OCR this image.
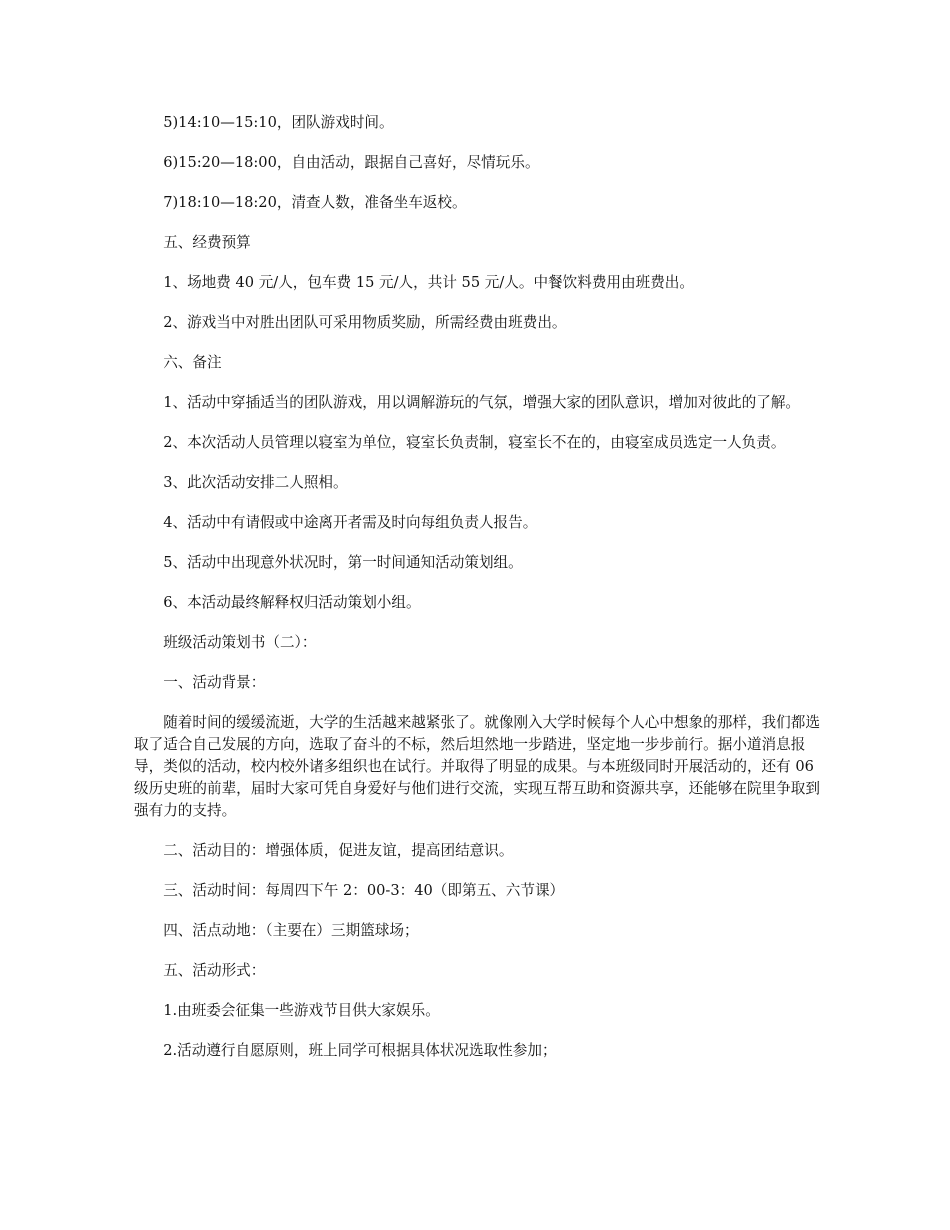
5)14:10—15:10，团队游戏时间。

6)15:20—18:00，自由活动，跟据自己喜好，尽情玩乐。

7)18:10—18:20，清查人数，准备坐车返校。

五、经费预算

1、场地费 40 元/人，包车费 15 元/人，共计 55 元/人。中餐饮料费用由班费出。

2、游戏当中对胜出团队可采用物质奖励，所需经费由班费出。

六、备注

1、活动中穿插适当的团队游戏，用以调解游玩的气氛，增强大家的团队意识，增加对彼此的了解。

2、本次活动人员管理以寝室为单位，寝室长负责制，寝室长不在的，由寝室成员选定一人负责。

3、此次活动安排二人照相。

4、活动中有请假或中途离开者需及时向每组负责人报告。

5、活动中出现意外状况时，第一时间通知活动策划组。

6、本活动最终解释权归活动策划小组。

班级活动策划书（二）：

一、活动背景：

随着时间的缓缓流逝，大学的生活越来越紧张了。就像刚入大学时候每个人心中想象的那样，我们都选取了适合自己发展的方向，选取了奋斗的不标，然后坦然地一步踏进，坚定地一步步前行。据小道消息报导，类似的活动，校内校外诸多组织也在试行。并取得了明显的成果。与本班级同时开展活动的，还有 06 级历史班的前辈，届时大家可凭自身爱好与他们进行交流，实现互帮互助和资源共享，还能够在院里争取到强有力的支持。

二、活动目的：增强体质，促进友谊，提高团结意识。

三、活动时间：每周四下午 2：00-3：40（即第五、六节课）

四、活点动地：（主要在）三期篮球场；

五、活动形式：

1.由班委会征集一些游戏节目供大家娱乐。

2.活动遵行自愿原则，班上同学可根据具体状况选取性参加；
